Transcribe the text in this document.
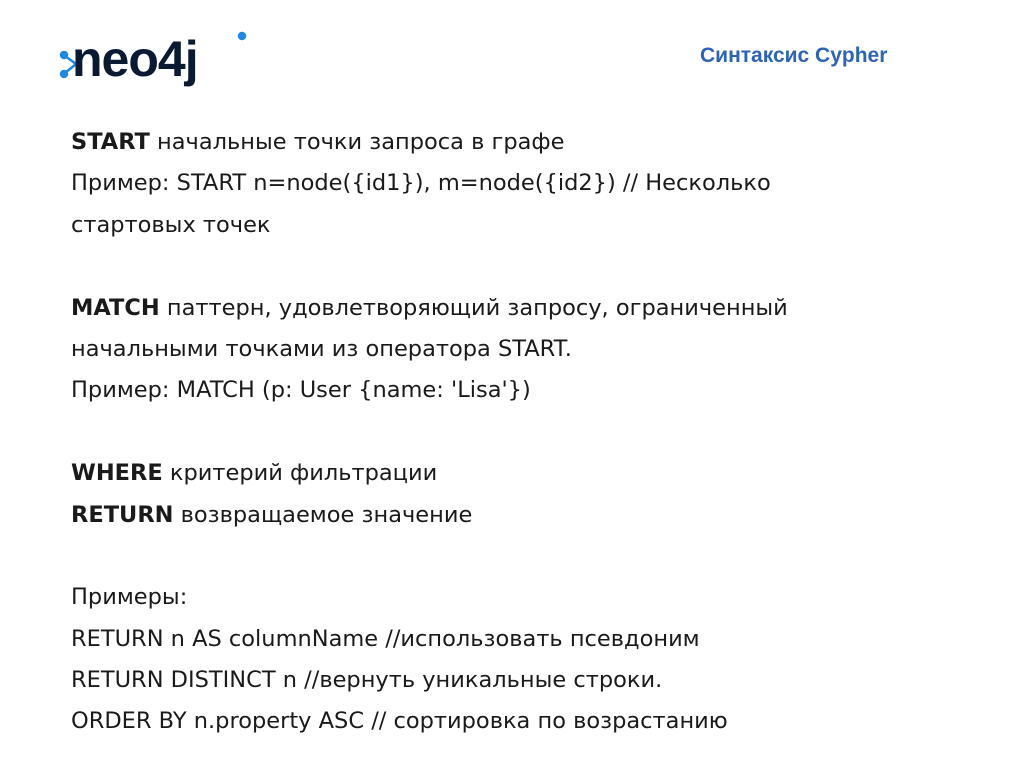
neo4j	Синтаксис Cypher
START начальные точки запроса в графе
Пример: START n=node({id1}), m=node({id2}) // Несколько
стартовых точек
MATCH паттерн, удовлетворяющий запросу, ограниченный
начальными точками из оператора START.
Пример: MATCH (p: User {name: 'Lisa'})
WHERE критерий фильтрации
RETURN возвращаемое значение
Примеры:
RETURN n AS columnName //использовать псевдоним
RETURN DISTINCT n //вернуть уникальные строки.
ORDER BY n.property ASC // сортировка по возрастанию
